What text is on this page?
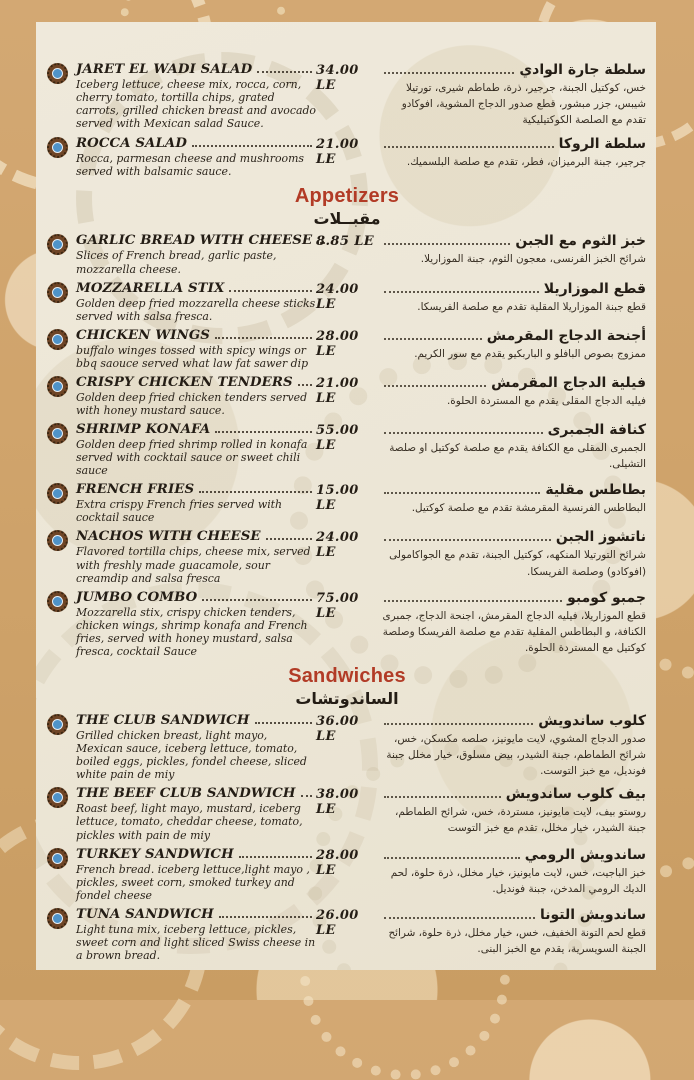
JARET EL WADI SALAD
Iceberg lettuce, cheese mix, rocca, corn, cherry tomato, tortilla chips, grated carrots, grilled chicken breast and avocado served with Mexican salad Sauce.
34.00 LE
سلطة جارة الوادي
خس، كوكتيل الجبنة، جرجير، ذرة، طماطم شيرى، تورتيلا شيبس، جزر مبشور، قطع صدور الدجاج المشوية، افوكادو تقدم مع الصلصة الكوكتيليكية
ROCCA SALAD
Rocca, parmesan cheese and mushrooms served with balsamic sauce.
21.00 LE
سلطة الروكا
جرجير، جبنة البرميزان، فطر، تقدم مع صلصة البلسميك.
Appetizers
مقبــلات
GARLIC BREAD WITH CHEESE
Slices of French bread, garlic paste, mozzarella cheese.
8.85 LE	خبز الثوم مع الجبن
شرائح الخبز الفرنسى، معجون الثوم، جبنة الموزاريلا.
MOZZARELLA STIX
Golden deep fried mozzarella cheese sticks served with salsa fresca.
24.00 LE
قطع الموزاريلا
قطع جبنة الموزاريلا المقلية تقدم مع صلصة الفريسكا.
CHICKEN WINGS
buffalo winges tossed with spicy wings or bbq saouce served what law fat sawer dip
28.00 LE
أجنحة الدجاج المقرمش
ممزوج بصوص البافلو و الباربكيو يقدم مع سور الكريم.
CRISPY CHICKEN TENDERS
Golden deep fried chicken tenders served with honey mustard sauce.
21.00 LE
فيلية الدجاج المقرمش
فيليه الدجاج المقلى يقدم مع المستردة الحلوة.
SHRIMP KONAFA
Golden deep fried shrimp rolled in konafa served with cocktail sauce or sweet chili sauce
55.00 LE
كنافة الجمبرى
الجمبرى المقلى مع الكنافة يقدم مع صلصة كوكتيل او صلصة التشيلى.
FRENCH FRIES
Extra crispy French fries served with cocktail sauce
15.00 LE
بطاطس مقلية
البطاطس الفرنسية المقرمشة تقدم مع صلصة كوكتيل.
NACHOS WITH CHEESE
Flavored tortilla chips, cheese mix, served with freshly made guacamole, sour creamdip and salsa fresca
24.00 LE
ناتشوز الجبن
شرائح التورتيلا المنكهه، كوكتيل الجبنة، تقدم مع الجواكامولى (افوكادو) وصلصة الفريسكا.
JUMBO COMBO
Mozzarella stix, crispy chicken tenders, chicken wings, shrimp konafa and French fries, served with honey mustard, salsa fresca, cocktail Sauce
75.00 LE
جمبو كومبو
قطع الموزاريلا، فيليه الدجاج المقرمش، اجنحة الدجاج، جمبرى الكنافة، و البطاطس المقلية تقدم مع صلصة الفريسكا وصلصة كوكتيل مع المستردة الحلوة.
Sandwiches
الساندوتشات
THE CLUB SANDWICH
Grilled chicken breast, light mayo, Mexican sauce, iceberg lettuce, tomato, boiled eggs, pickles, fondel cheese, sliced white pain de miy
36.00 LE
كلوب ساندويش
صدور الدجاج المشوي، لايت مايونيز، صلصه مكسكن، خس، شرائح الطماطم، جبنة الشيدر، بيض مسلوق، خيار مخلل جبنة فونديل، مع خبز التوست.
THE BEEF CLUB SANDWICH
Roast beef, light mayo, mustard, iceberg lettuce, tomato, cheddar cheese, tomato, pickles with pain de miy
38.00 LE
بيف كلوب ساندويش
روستو بيف، لايت مايونيز، مستردة، خس، شرائح الطماطم، جبنة الشيدر، خيار مخلل، تقدم مع خبز التوست
TURKEY SANDWICH
French bread. iceberg lettuce,light mayo , pickles, sweet corn, smoked turkey and fondel cheese
28.00 LE
ساندويش الرومي
خبز الباجيت، خس، لايت مايونيز، خيار مخلل، ذرة حلوة، لحم الديك الرومي المدخن، جبنة فونديل.
TUNA SANDWICH
Light tuna mix, iceberg lettuce, pickles, sweet corn and light sliced Swiss cheese in a brown bread.
26.00 LE
ساندويش التونا
قطع لحم التونة الخفيف، خس، خيار مخلل، ذرة حلوة، شرائح الجبنة السويسرية، يقدم مع الخبز البنى.
